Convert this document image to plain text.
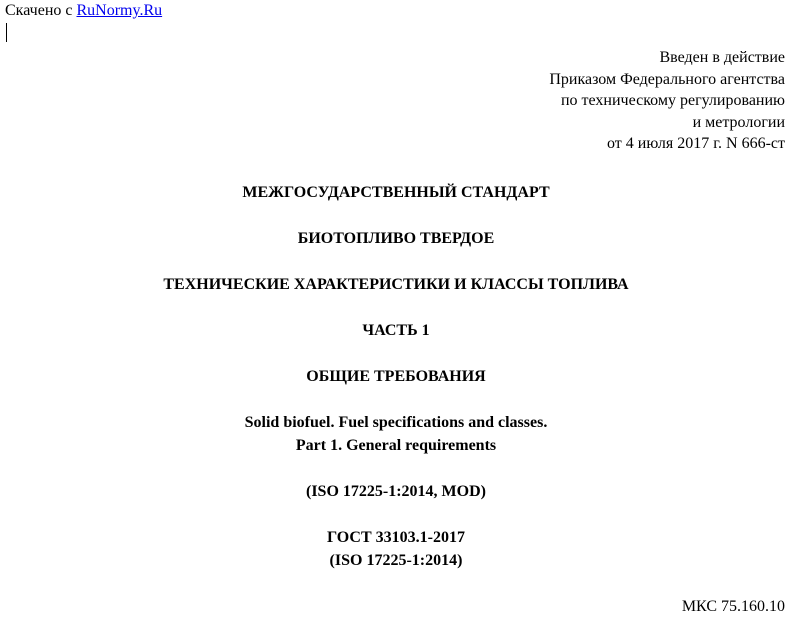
Скачено с RuNormy.Ru
Введен в действие
Приказом Федерального агентства
по техническому регулированию
и метрологии
от 4 июля 2017 г. N 666-ст
МЕЖГОСУДАРСТВЕННЫЙ СТАНДАРТ
БИОТОПЛИВО ТВЕРДОЕ
ТЕХНИЧЕСКИЕ ХАРАКТЕРИСТИКИ И КЛАССЫ ТОПЛИВА
ЧАСТЬ 1
ОБЩИЕ ТРЕБОВАНИЯ
Solid biofuel. Fuel specifications and classes.
Part 1. General requirements
(ISO 17225-1:2014, MOD)
ГОСТ 33103.1-2017
(ISO 17225-1:2014)
МКС 75.160.10
